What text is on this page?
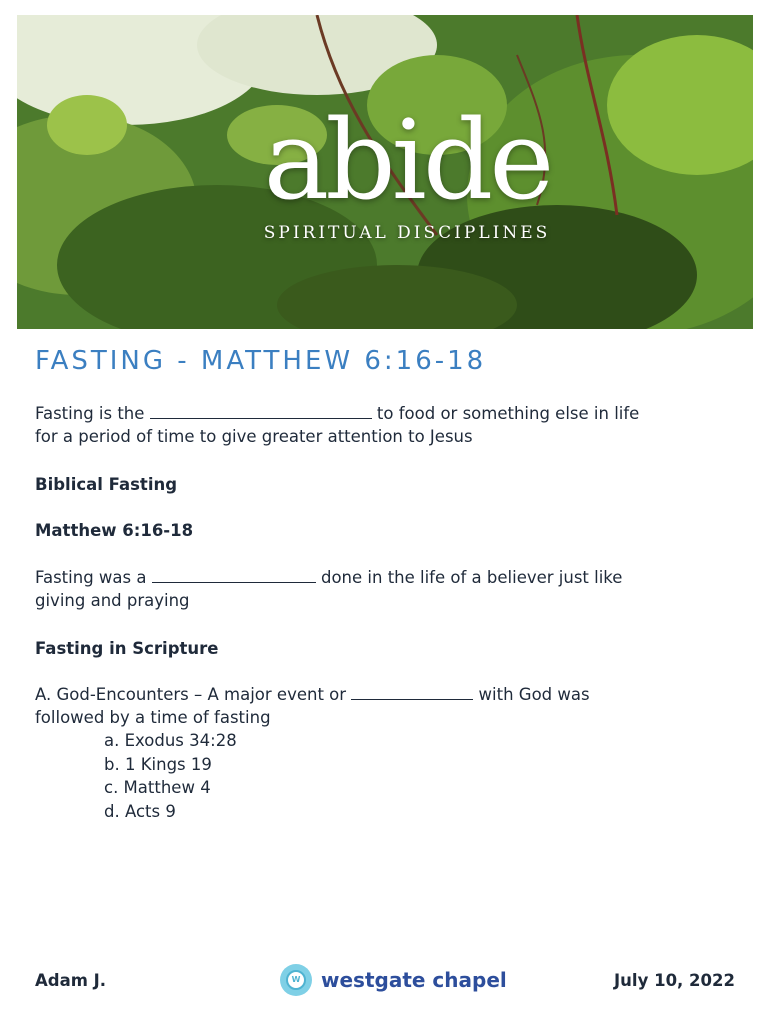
abide
SPIRITUAL DISCIPLINES
FASTING - MATTHEW 6:16-18
Fasting is the	to food or something else in life
for a period of time to give greater attention to Jesus
Biblical Fasting
Matthew 6:16-18
Fasting was a	done in the life of a believer just like
giving and praying
Fasting in Scripture
A. God-Encounters – A major event or	with God was
followed by a time of fasting
a. Exodus 34:28
b. 1 Kings 19
c. Matthew 4
d. Acts 9
Adam J.	W westgate chapel	July 10, 2022
